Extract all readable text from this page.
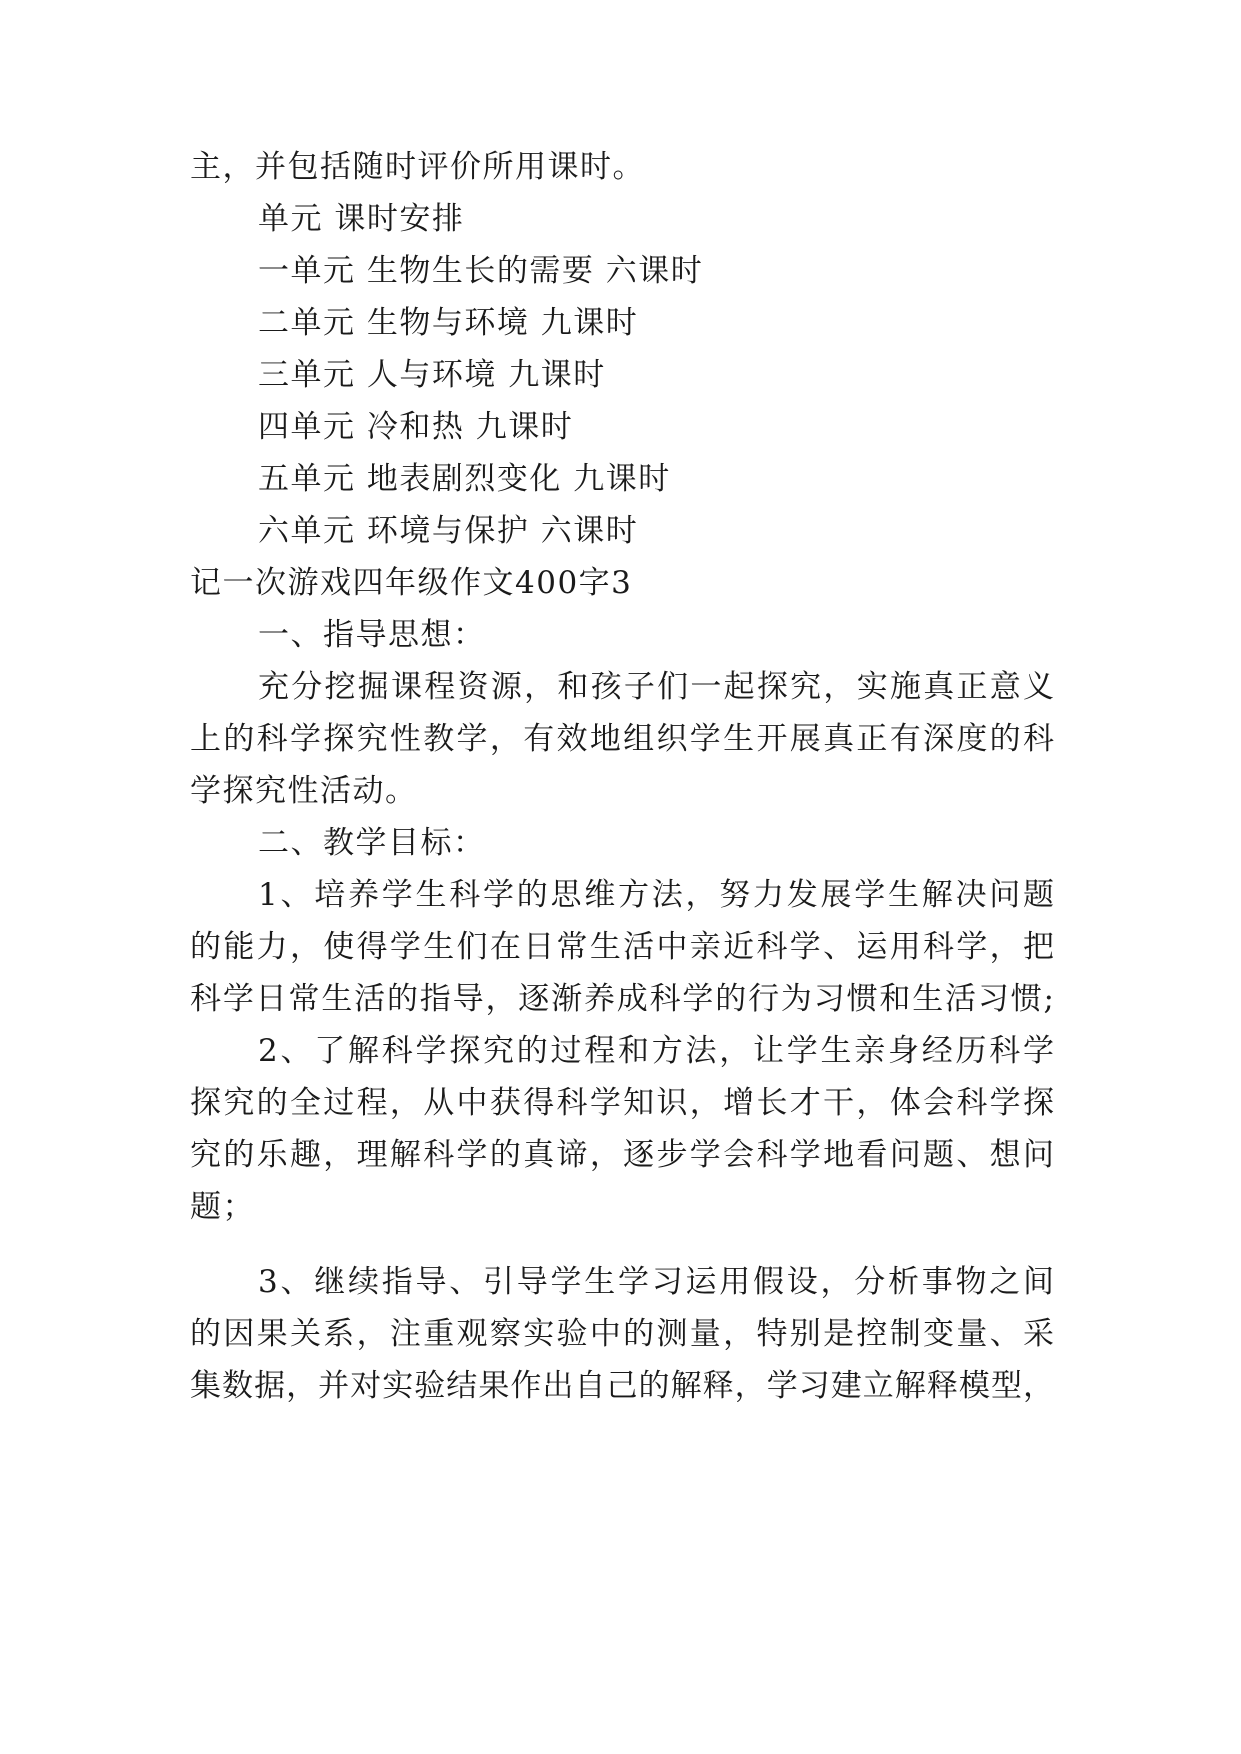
主，并包括随时评价所用课时。
单元 课时安排
一单元 生物生长的需要 六课时
二单元 生物与环境 九课时
三单元 人与环境 九课时
四单元 冷和热 九课时
五单元 地表剧烈变化 九课时
六单元 环境与保护 六课时
记一次游戏四年级作文400字3
一、指导思想：
充分挖掘课程资源，和孩子们一起探究，实施真正意义
上的科学探究性教学，有效地组织学生开展真正有深度的科
学探究性活动。
二、教学目标：
1、培养学生科学的思维方法，努力发展学生解决问题
的能力，使得学生们在日常生活中亲近科学、运用科学，把
科学日常生活的指导，逐渐养成科学的行为习惯和生活习惯;
2、了解科学探究的过程和方法，让学生亲身经历科学
探究的全过程，从中获得科学知识，增长才干，体会科学探
究的乐趣，理解科学的真谛，逐步学会科学地看问题、想问
题；
3、继续指导、引导学生学习运用假设，分析事物之间
的因果关系，注重观察实验中的测量，特别是控制变量、采
集数据，并对实验结果作出自己的解释，学习建立解释模型，
